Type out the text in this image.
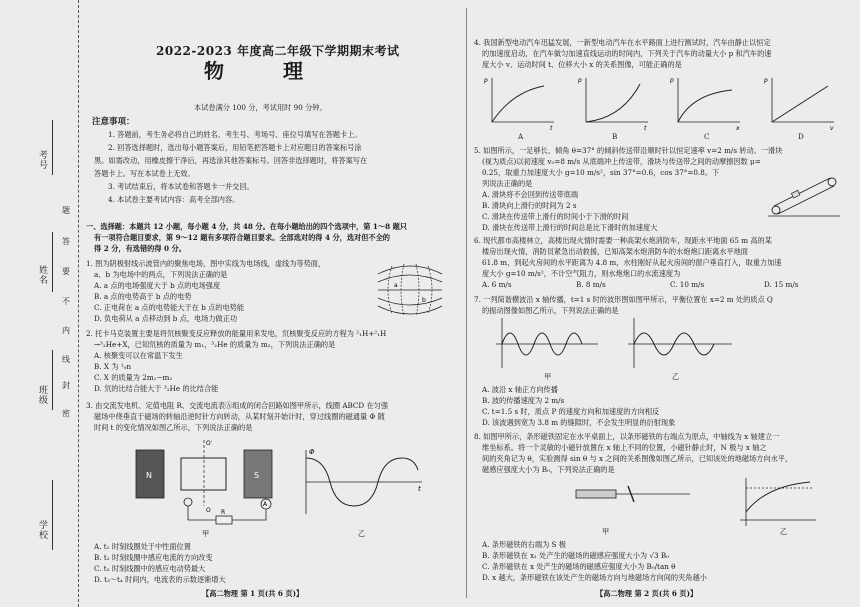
考号
姓名
班级
学校
题
答
要
不
内
线
封
密
2022-2023 年度高二年级下学期期末考试
物 理
本试卷满分 100 分，考试用时 90 分钟。
注意事项：
1. 答题前，考生务必将自己的姓名、考生号、考场号、座位号填写在答题卡上。
2. 回答选择题时，选出每小题答案后，用铅笔把答题卡上对应题目的答案标号涂
黑。如需改动，用橡皮擦干净后，再选涂其他答案标号。回答非选择题时，将答案写在
答题卡上。写在本试卷上无效。
3. 考试结束后，将本试卷和答题卡一并交回。
4. 本试卷主要考试内容：高考全部内容。
一、选择题：本题共 12 小题，每小题 4 分，共 48 分。在每小题给出的四个选项中，第 1～8 题只
有一项符合题目要求，第 9～12 题有多项符合题目要求。全部选对的得 4 分，选对但不全的
得 2 分，有选错的得 0 分。
1. 图为阴极射线示波管内的聚焦电场，图中实线为电场线，虚线为等势面，
a、b 为电场中的两点，下列说法正确的是
A. a 点的电场强度大于 b 点的电场强度
B. a 点的电势高于 b 点的电势
C. 正电荷在 a 点的电势能大于在 b 点的电势能
D. 负电荷从 a 点移动到 b 点，电场力做正功
a
b
2. 托卡马克装置主要是将氘核聚变反应释放的能量用来发电，氘核聚变反应的方程为 ²₁H+²₁H
→³₂He+X，已知氘核的质量为 m₁，³₂He 的质量为 m₂，下列说法正确的是
A. 核聚变可以在常温下发生
B. X 为 ¹₀n
C. X 的质量为 2m₁−m₂
D. 氘的比结合能大于 ³₂He 的比结合能
3. 由交流发电机、定值电阻 R、交流电流表Ⓐ组成的闭合回路如图甲所示，线圈 ABCD 在匀强
磁场中绕垂直于磁场的转轴沿逆时针方向转动，从某时刻开始计时，穿过线圈的磁通量 Φ 随
时间 t 的变化情况如图乙所示，下列说法正确的是
N	S
O′
O R
A
甲
Φ
t
乙
A. t₁ 时刻线圈处于中性面位置
B. t₂ 时刻线圈中感应电流的方向改变
C. t₃ 时刻线圈中的感应电动势最大
D. t₃～t₄ 时间内，电流表的示数逐渐增大
【高二物理 第 1 页(共 6 页)】
4. 我国新型电动汽车迅猛发展，一新型电动汽车在水平路面上进行测试时，汽车由静止以恒定
的加速度启动，在汽车做匀加速直线运动的时间内，下列关于汽车的动量大小 p 和汽车的速
度大小 v、运动时间 t、位移大小 x 的关系图像，可能正确的是
p
t
p
t
p
x
p
v
A	B	C	D
5. 如图所示，一足够长、倾角 θ=37° 的倾斜传送带沿顺时针以恒定速率 v=2 m/s 转动。一滑块
(视为质点)以初速度 v₀=8 m/s 从底端冲上传送带，滑块与传送带之间的动摩擦因数 μ=
0.25，取重力加速度大小 g=10 m/s²，sin 37°=0.6，cos 37°=0.8。下
列说法正确的是
A. 滑块将不会回到传送带底端
B. 滑块向上滑行的时间为 2 s
C. 滑块在传送带上滑行的时间小于下滑的时间
D. 滑块在传送带上滑行的时间总是比下滑时的加速度大
6. 现代都市高楼林立，高楼出现火情时需要一种高架水炮消防车，现距水平地面 65 m 高的某
楼房出现火情，消防员紧急出动救援，已知高架水炮消防车的水炮炮口距离水平地面
61.8 m，到起火房间的水平距离为 4.8 m，水柱刚好从起火房间的窗户垂直打入，取重力加速
度大小 g=10 m/s²，不计空气阻力，则水炮炮口的水流速度为
A. 6 m/s	B. 8 m/s	C. 10 m/s	D. 15 m/s
7. 一列简谐横波沿 x 轴传播，t=1 s 时的波形图如图甲所示，平衡位置在 x=2 m 处的质点 Q
的振动图像如图乙所示，下列说法正确的是
甲	乙
A. 波沿 x 轴正方向传播
B. 波的传播速度为 2 m/s
C. t=1.5 s 时，质点 P 的速度方向和加速度的方向相反
D. 该波遇到宽为 3.8 m 的缝隙时，不会发生明显的衍射现象
8. 如图甲所示，条形磁铁固定在水平桌面上，以条形磁铁的右端点为原点，中轴线为 x 轴建立一
维坐标系。将一个灵敏的小磁针放置在 x 轴上不同的位置，小磁针静止时，N 极与 x 轴之
间的夹角记为 θ，实验测得 sin θ 与 x 之间的关系图像如图乙所示，已知该处的地磁场方向水平，
磁感应强度大小为 B₀，下列说法正确的是
甲	乙
A. 条形磁铁的右端为 S 极
B. 条形磁铁在 x₁ 处产生的磁场的磁感应强度大小为 √3 B₀
C. 条形磁铁在 x 处产生的磁场的磁感应强度大小为 B₀/tan θ
D. x 越大，条形磁铁在该处产生的磁场方向与地磁场方向间的夹角越小
【高二物理 第 2 页(共 6 页)】
